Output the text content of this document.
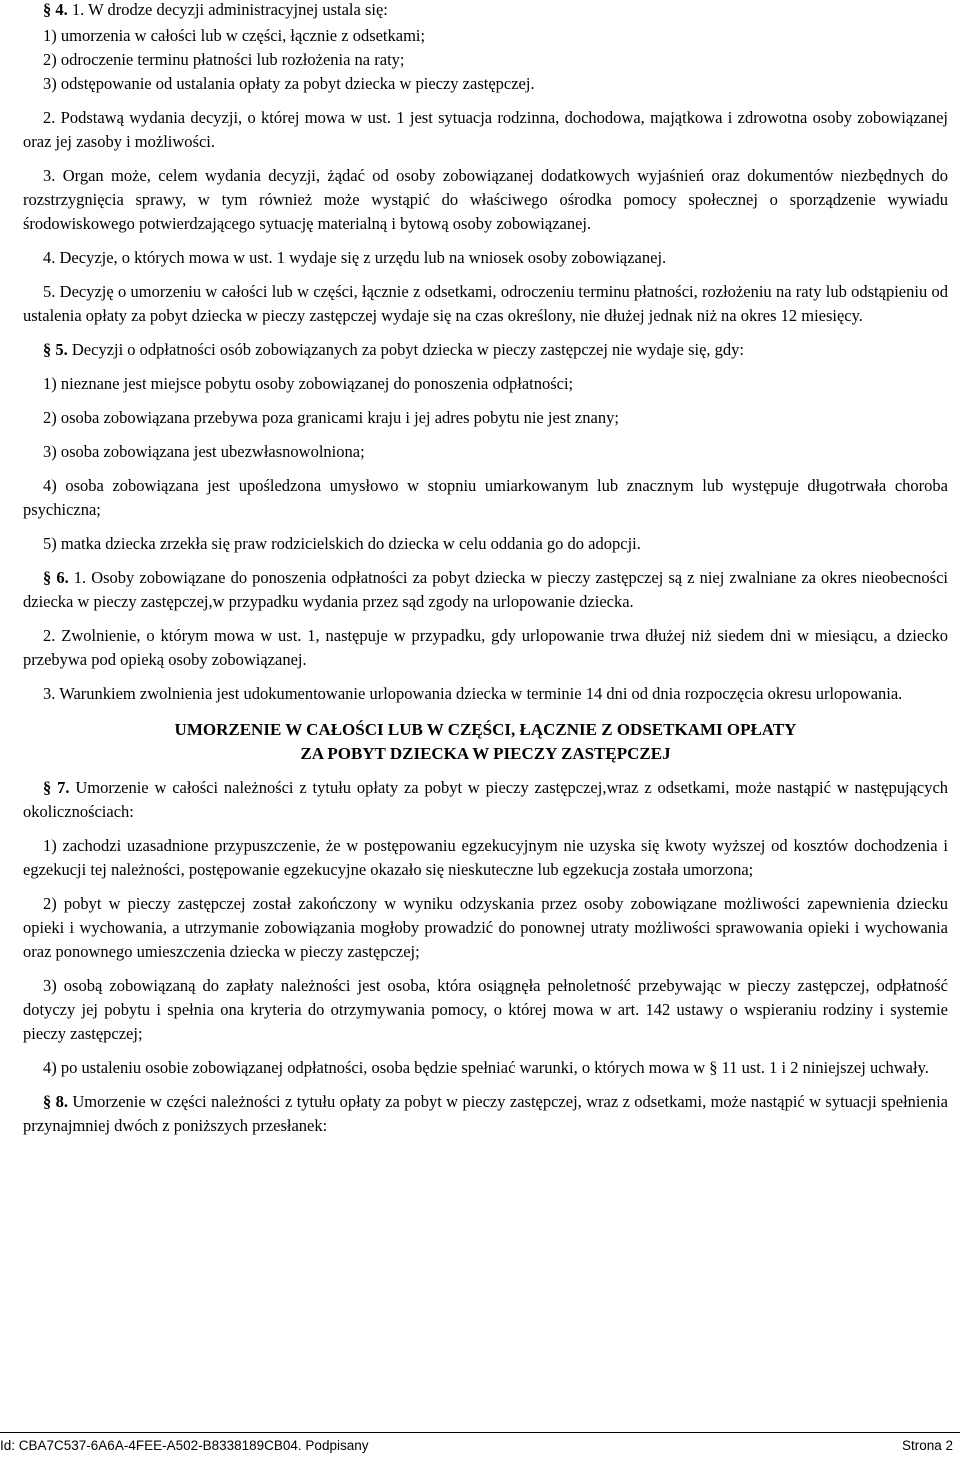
§ 4. 1. W drodze decyzji administracyjnej ustala się:

1) umorzenia w całości lub w części, łącznie z odsetkami;

2) odroczenie terminu płatności lub rozłożenia na raty;

3) odstępowanie od ustalania opłaty za pobyt dziecka w pieczy zastępczej.

2. Podstawą wydania decyzji, o której mowa w ust. 1 jest sytuacja rodzinna, dochodowa, majątkowa i zdrowotna osoby zobowiązanej oraz jej zasoby i możliwości.

3. Organ może, celem wydania decyzji, żądać od osoby zobowiązanej dodatkowych wyjaśnień oraz dokumentów niezbędnych do rozstrzygnięcia sprawy, w tym również może wystąpić do właściwego ośrodka pomocy społecznej o sporządzenie wywiadu środowiskowego potwierdzającego sytuację materialną i bytową osoby zobowiązanej.

4. Decyzje, o których mowa w ust. 1 wydaje się z urzędu lub na wniosek osoby zobowiązanej.

5. Decyzję o umorzeniu w całości lub w części, łącznie z odsetkami, odroczeniu terminu płatności, rozłożeniu na raty lub odstąpieniu od ustalenia opłaty za pobyt dziecka w pieczy zastępczej wydaje się na czas określony, nie dłużej jednak niż na okres 12 miesięcy.

§ 5. Decyzji o odpłatności osób zobowiązanych za pobyt dziecka w pieczy zastępczej nie wydaje się, gdy:

1) nieznane jest miejsce pobytu osoby zobowiązanej do ponoszenia odpłatności;

2) osoba zobowiązana przebywa poza granicami kraju i jej adres pobytu nie jest znany;

3) osoba zobowiązana jest ubezwłasnowolniona;

4) osoba zobowiązana jest upośledzona umysłowo w stopniu umiarkowanym lub znacznym lub występuje długotrwała choroba psychiczna;

5) matka dziecka zrzekła się praw rodzicielskich do dziecka w celu oddania go do adopcji.

§ 6. 1. Osoby zobowiązane do ponoszenia odpłatności za pobyt dziecka w pieczy zastępczej są z niej zwalniane za okres nieobecności dziecka w pieczy zastępczej,w przypadku wydania przez sąd zgody na urlopowanie dziecka.

2. Zwolnienie, o którym mowa w ust. 1, następuje w przypadku, gdy urlopowanie trwa dłużej niż siedem dni w miesiącu, a dziecko przebywa pod opieką osoby zobowiązanej.

3. Warunkiem zwolnienia jest udokumentowanie urlopowania dziecka w terminie 14 dni od dnia rozpoczęcia okresu urlopowania.

UMORZENIE W CAŁOŚCI LUB W CZĘŚCI, ŁĄCZNIE Z ODSETKAMI OPŁATY
ZA POBYT DZIECKA W PIECZY ZASTĘPCZEJ

§ 7. Umorzenie w całości należności z tytułu opłaty za pobyt w pieczy zastępczej,wraz z odsetkami, może nastąpić w następujących okolicznościach:

1) zachodzi uzasadnione przypuszczenie, że w postępowaniu egzekucyjnym nie uzyska się kwoty wyższej od kosztów dochodzenia i egzekucji tej należności, postępowanie egzekucyjne okazało się nieskuteczne lub egzekucja została umorzona;

2) pobyt w pieczy zastępczej został zakończony w wyniku odzyskania przez osoby zobowiązane możliwości zapewnienia dziecku opieki i wychowania, a utrzymanie zobowiązania mogłoby prowadzić do ponownej utraty możliwości sprawowania opieki i wychowania oraz ponownego umieszczenia dziecka w pieczy zastępczej;

3) osobą zobowiązaną do zapłaty należności jest osoba, która osiągnęła pełnoletność przebywając w pieczy zastępczej, odpłatność dotyczy jej pobytu i spełnia ona kryteria do otrzymywania pomocy, o której mowa w art. 142 ustawy o wspieraniu rodziny i systemie pieczy zastępczej;

4) po ustaleniu osobie zobowiązanej odpłatności, osoba będzie spełniać warunki, o których mowa w § 11 ust. 1 i 2 niniejszej uchwały.

§ 8. Umorzenie w części należności z tytułu opłaty za pobyt w pieczy zastępczej, wraz z odsetkami, może nastąpić w sytuacji spełnienia przynajmniej dwóch z poniższych przesłanek:

Id: CBA7C537-6A6A-4FEE-A502-B8338189CB04. Podpisany	Strona 2
